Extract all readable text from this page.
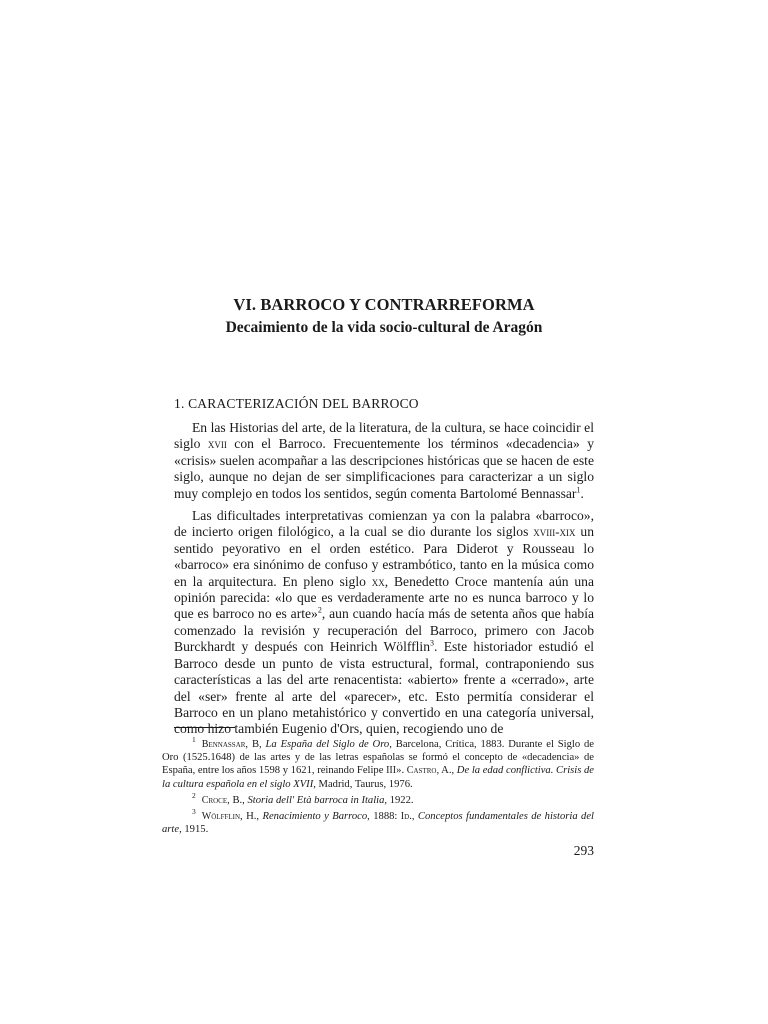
VI. BARROCO Y CONTRARREFORMA
Decaimiento de la vida socio-cultural de Aragón
1. CARACTERIZACIÓN DEL BARROCO

En las Historias del arte, de la literatura, de la cultura, se hace coincidir el siglo xvii con el Barroco. Frecuentemente los términos «decadencia» y «crisis» suelen acompañar a las descripciones históricas que se hacen de este siglo, aunque no dejan de ser simplificaciones para caracterizar a un siglo muy complejo en todos los sentidos, según comenta Bartolomé Bennassar$^1$.

Las dificultades interpretativas comienzan ya con la palabra «barroco», de incierto origen filológico, a la cual se dio durante los siglos xviii-xix un sentido peyorativo en el orden estético. Para Diderot y Rousseau lo «barroco» era sinónimo de confuso y estrambótico, tanto en la música como en la arquitectura. En pleno siglo xx, Benedetto Croce mantenía aún una opinión parecida: «lo que es verdaderamente arte no es nunca barroco y lo que es barroco no es arte»$^2$, aun cuando hacía más de setenta años que había comenzado la revisión y recuperación del Barroco, primero con Jacob Burckhardt y después con Heinrich Wölfflin$^3$. Este historiador estudió el Barroco desde un punto de vista estructural, formal, contraponiendo sus características a las del arte renacentista: «abierto» frente a «cerrado», arte del «ser» frente al arte del «parecer», etc. Esto permitía considerar el Barroco en un plano metahistórico y convertido en una categoría universal, como hizo también Eugenio d'Ors, quien, recogiendo uno de

$^1$ Bennassar, B, La España del Siglo de Oro, Barcelona, Crítica, 1883. Durante el Siglo de Oro (1525.1648) de las artes y de las letras españolas se formó el concepto de «decadencia» de España, entre los años 1598 y 1621, reinando Felipe III». Castro, A., De la edad conflictiva. Crisis de la cultura española en el siglo XVII, Madrid, Taurus, 1976.
$^2$ Croce, B., Storia dell' Età barroca in Italia, 1922.
$^3$ Wölfflin, H., Renacimiento y Barroco, 1888: Id., Conceptos fundamentales de historia del arte, 1915.
293
